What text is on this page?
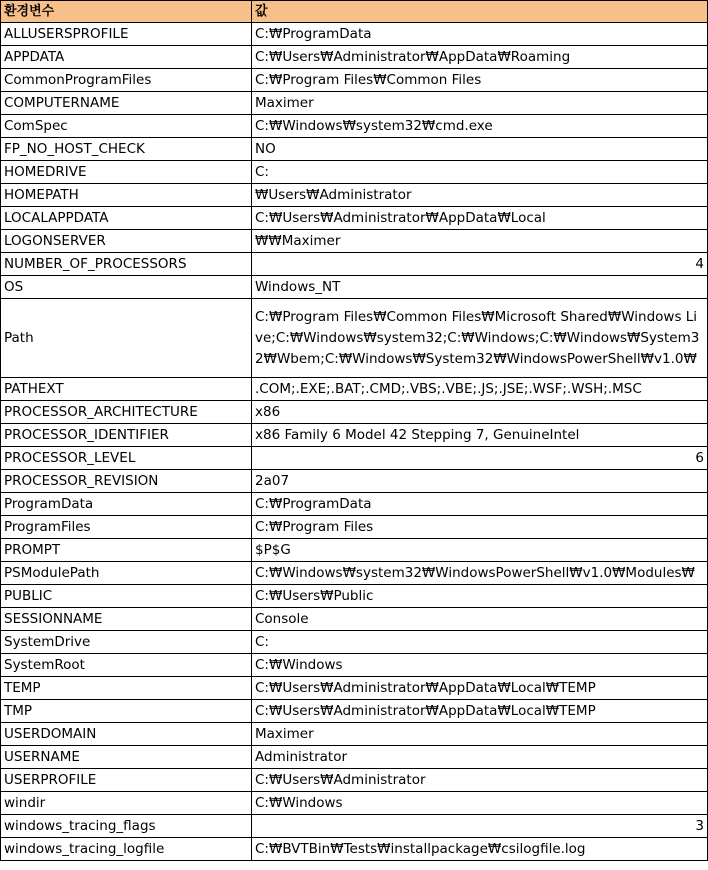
환경변수	값
ALLUSERSPROFILE	C:₩ProgramData
APPDATA	C:₩Users₩Administrator₩AppData₩Roaming
CommonProgramFiles	C:₩Program Files₩Common Files
COMPUTERNAME	Maximer
ComSpec	C:₩Windows₩system32₩cmd.exe
FP_NO_HOST_CHECK	NO
HOMEDRIVE	C:
HOMEPATH	₩Users₩Administrator
LOCALAPPDATA	C:₩Users₩Administrator₩AppData₩Local
LOGONSERVER	₩₩Maximer
NUMBER_OF_PROCESSORS	4
OS	Windows_NT
Path	C:₩Program Files₩Common Files₩Microsoft Shared₩Windows Live;C:₩Windows₩system32;C:₩Windows;C:₩Windows₩System32₩Wbem;C:₩Windows₩System32₩WindowsPowerShell₩v1.0₩
PATHEXT	.COM;.EXE;.BAT;.CMD;.VBS;.VBE;.JS;.JSE;.WSF;.WSH;.MSC
PROCESSOR_ARCHITECTURE	x86
PROCESSOR_IDENTIFIER	x86 Family 6 Model 42 Stepping 7, GenuineIntel
PROCESSOR_LEVEL	6
PROCESSOR_REVISION	2a07
ProgramData	C:₩ProgramData
ProgramFiles	C:₩Program Files
PROMPT	$P$G
PSModulePath	C:₩Windows₩system32₩WindowsPowerShell₩v1.0₩Modules₩
PUBLIC	C:₩Users₩Public
SESSIONNAME	Console
SystemDrive	C:
SystemRoot	C:₩Windows
TEMP	C:₩Users₩Administrator₩AppData₩Local₩TEMP
TMP	C:₩Users₩Administrator₩AppData₩Local₩TEMP
USERDOMAIN	Maximer
USERNAME	Administrator
USERPROFILE	C:₩Users₩Administrator
windir	C:₩Windows
windows_tracing_flags	3
windows_tracing_logfile	C:₩BVTBin₩Tests₩installpackage₩csilogfile.log
